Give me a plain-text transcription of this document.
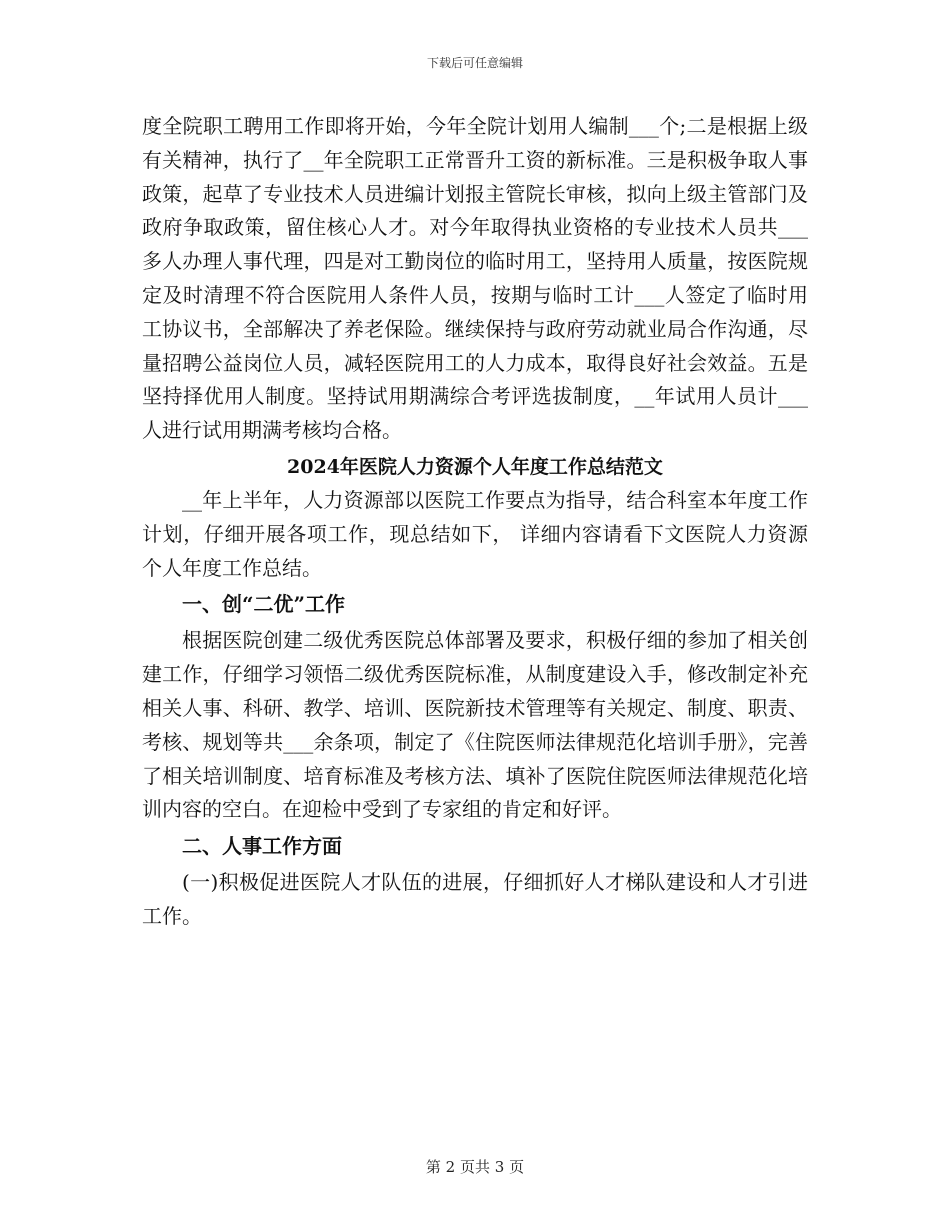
下载后可任意编辑

度全院职工聘用工作即将开始，今年全院计划用人编制___个;二是根据上级有关精神，执行了__年全院职工正常晋升工资的新标准。三是积极争取人事政策，起草了专业技术人员进编计划报主管院长审核，拟向上级主管部门及政府争取政策，留住核心人才。对今年取得执业资格的专业技术人员共___多人办理人事代理，四是对工勤岗位的临时用工，坚持用人质量，按医院规定及时清理不符合医院用人条件人员，按期与临时工计___人签定了临时用工协议书，全部解决了养老保险。继续保持与政府劳动就业局合作沟通，尽量招聘公益岗位人员，减轻医院用工的人力成本，取得良好社会效益。五是坚持择优用人制度。坚持试用期满综合考评选拔制度，__年试用人员计___人进行试用期满考核均合格。

2024年医院人力资源个人年度工作总结范文

__年上半年，人力资源部以医院工作要点为指导，结合科室本年度工作计划，仔细开展各项工作，现总结如下， 详细内容请看下文医院人力资源个人年度工作总结。

一、创“二优”工作

根据医院创建二级优秀医院总体部署及要求，积极仔细的参加了相关创建工作，仔细学习领悟二级优秀医院标准，从制度建设入手，修改制定补充相关人事、科研、教学、培训、医院新技术管理等有关规定、制度、职责、考核、规划等共___余条项，制定了《住院医师法律规范化培训手册》，完善了相关培训制度、培育标准及考核方法、填补了医院住院医师法律规范化培训内容的空白。在迎检中受到了专家组的肯定和好评。

二、人事工作方面

(一)积极促进医院人才队伍的进展，仔细抓好人才梯队建设和人才引进工作。

第 2 页共 3 页
